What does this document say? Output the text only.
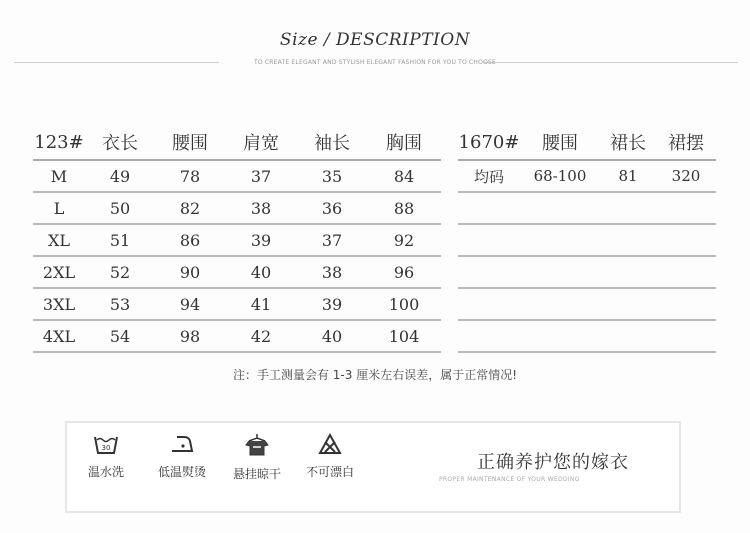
Size / DESCRIPTION
TO CREATE ELEGANT AND STYLISH ELEGANT FASHION FOR YOU TO CHOOSE
123#	衣长	腰围	肩宽	袖长	胸围
M	49	78	37	35	84
L	50	82	38	36	88
XL	51	86	39	37	92
2XL	52	90	40	38	96
3XL	53	94	41	39	100
4XL	54	98	42	40	104
1670#	腰围	裙长	裙摆
均码	68-100	81	320

注：手工测量会有 1-3 厘米左右误差，属于正常情况!
30
温水洗	低温熨烫	悬挂晾干	不可漂白	正确养护您的嫁衣
PROPER MAINTENANCE OF YOUR WEDDING
